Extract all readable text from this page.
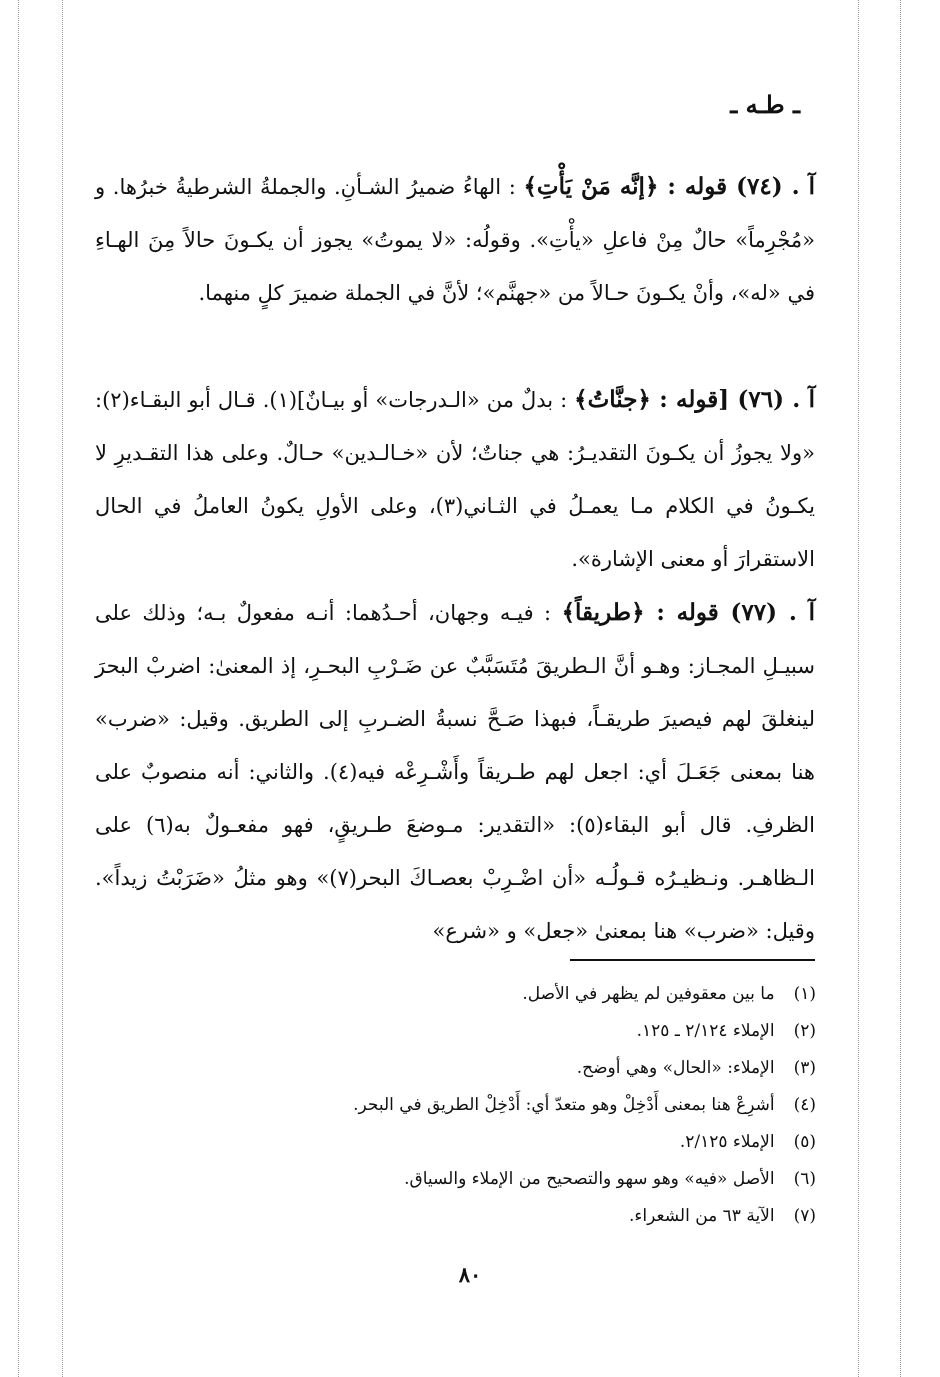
ـ طـه ـ
آ . (٧٤) قوله : ﴿إنَّه مَنْ يَأْتِ﴾ : الهاءُ ضميرُ الشـأنِ. والجملةُ الشرطيةُ خبرُها. و «مُجْرِماً» حالٌ مِنْ فاعلِ «يأْتِ». وقولُه: «لا يموتُ» يجوز أن يكـونَ حالاً مِنَ الهـاءِ في «له»، وأنْ يكـونَ حـالاً من «جهنَّم»؛ لأنَّ في الجملة ضميرَ كلٍ منهما.
آ . (٧٦) [قوله : ﴿جنَّاتُ﴾ : بدلٌ من «الـدرجات» أو بيـانٌ](١). قـال أبو البقـاء(٢): «ولا يجوزُ أن يكـونَ التقديـرُ: هي جناتٌ؛ لأن «خـالـدين» حـالٌ. وعلى هذا التقـديرِ لا يكـونُ في الكلام مـا يعمـلُ في الثـاني(٣)، وعلى الأولِ يكونُ العاملُ في الحال الاستقرارَ أو معنى الإشارة».
آ . (٧٧) قوله : ﴿طريقاً﴾ : فيـه وجهان، أحـدُهما: أنـه مفعولٌ بـه؛ وذلك على سبيـلِ المجـاز: وهـو أنَّ الـطريقَ مُتَسَبَّبٌ عن ضَـرْبِ البحـرِ، إذ المعنىٰ: اضربْ البحرَ لينغلقَ لهم فيصيرَ طريقـاً، فبهذا صَـحَّ نسبةُ الضـربِ إلى الطريق. وقيل: «ضرب» هنا بمعنى جَعَـلَ أي: اجعل لهم طـريقاً وأَشْـرِعْه فيه(٤). والثاني: أنه منصوبٌ على الظرفِ. قال أبو البقاء(٥): «التقدير: مـوضعَ طـريقٍ، فهو مفعـولٌ به(٦) على الـظاهـر. ونـظيـرُه قـولُـه «أن اضْـرِبْ بعصـاكَ البحر(٧)» وهو مثلُ «ضَرَبْتُ زيداً». وقيل: «ضرب» هنا بمعنىٰ «جعل» و «شرع»
(١) ما بين معقوفين لم يظهر في الأصل.
(٢) الإملاء ٢/١٢٤ ـ ١٢٥.
(٣) الإملاء: «الحال» وهي أوضح.
(٤) أشرِعْ هنا بمعنى أَدْخِلْ وهو متعدّ أي: أَدْخِلْ الطريق في البحر.
(٥) الإملاء ٢/١٢٥.
(٦) الأصل «فيه» وهو سهو والتصحيح من الإملاء والسياق.
(٧) الآية ٦٣ من الشعراء.
٨٠
